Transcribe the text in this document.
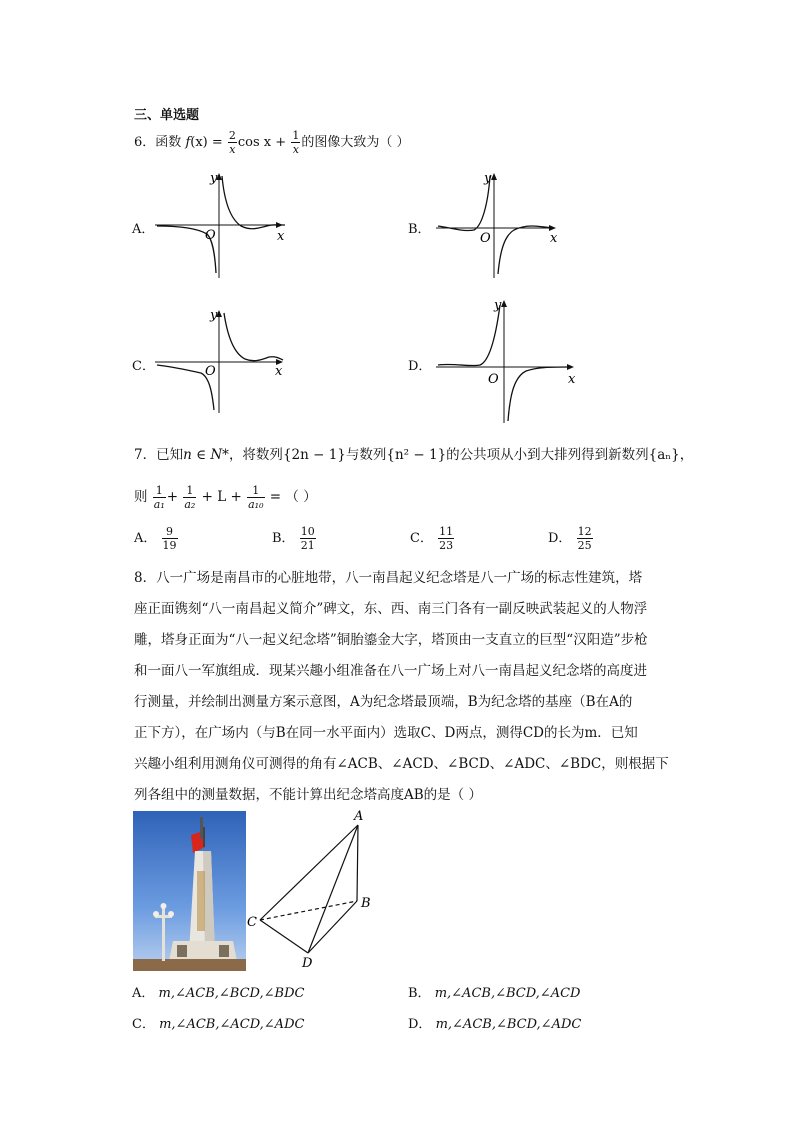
三、单选题
6．函数 $f(x) = \frac{2}{x}$ $\cos x + \frac{1}{x}$ 的图像大致为（ ）
A．	B．
C．	D．
y
x
O
y
x
O
y
x
O
y
x
O
7．已知n ∈ N*，将数列{2n − 1}与数列{n² − 1}的公共项从小到大排列得到新数列{aₙ}，
则 $\frac{1}{\text{a₁}} + \frac{1}{\text{a₂}} + L + \frac{1}{\text{a₁₀}}$ = （ ）
A． $\frac{9}{19}$	B． $\frac{10}{21}$	C． $\frac{11}{23}$	D． $\frac{12}{25}$
8．八一广场是南昌市的心脏地带，八一南昌起义纪念塔是八一广场的标志性建筑，塔
座正面镌刻“八一南昌起义简介”碑文，东、西、南三门各有一副反映武装起义的人物浮
雕，塔身正面为“八一起义纪念塔”铜胎鎏金大字，塔顶由一支直立的巨型“汉阳造”步枪
和一面八一军旗组成．现某兴趣小组准备在八一广场上对八一南昌起义纪念塔的高度进
行测量，并绘制出测量方案示意图，A为纪念塔最顶端，B为纪念塔的基座（B在A的
正下方），在广场内（与B在同一水平面内）选取C、D两点，测得CD的长为m．已知
兴趣小组利用测角仪可测得的角有∠ACB、∠ACD、∠BCD、∠ADC、∠BDC，则根据下
列各组中的测量数据，不能计算出纪念塔高度AB的是（ ）
A
B
C
D
A． m,∠ACB,∠BCD,∠BDC	B． m,∠ACB,∠BCD,∠ACD
C． m,∠ACB,∠ACD,∠ADC	D． m,∠ACB,∠BCD,∠ADC
